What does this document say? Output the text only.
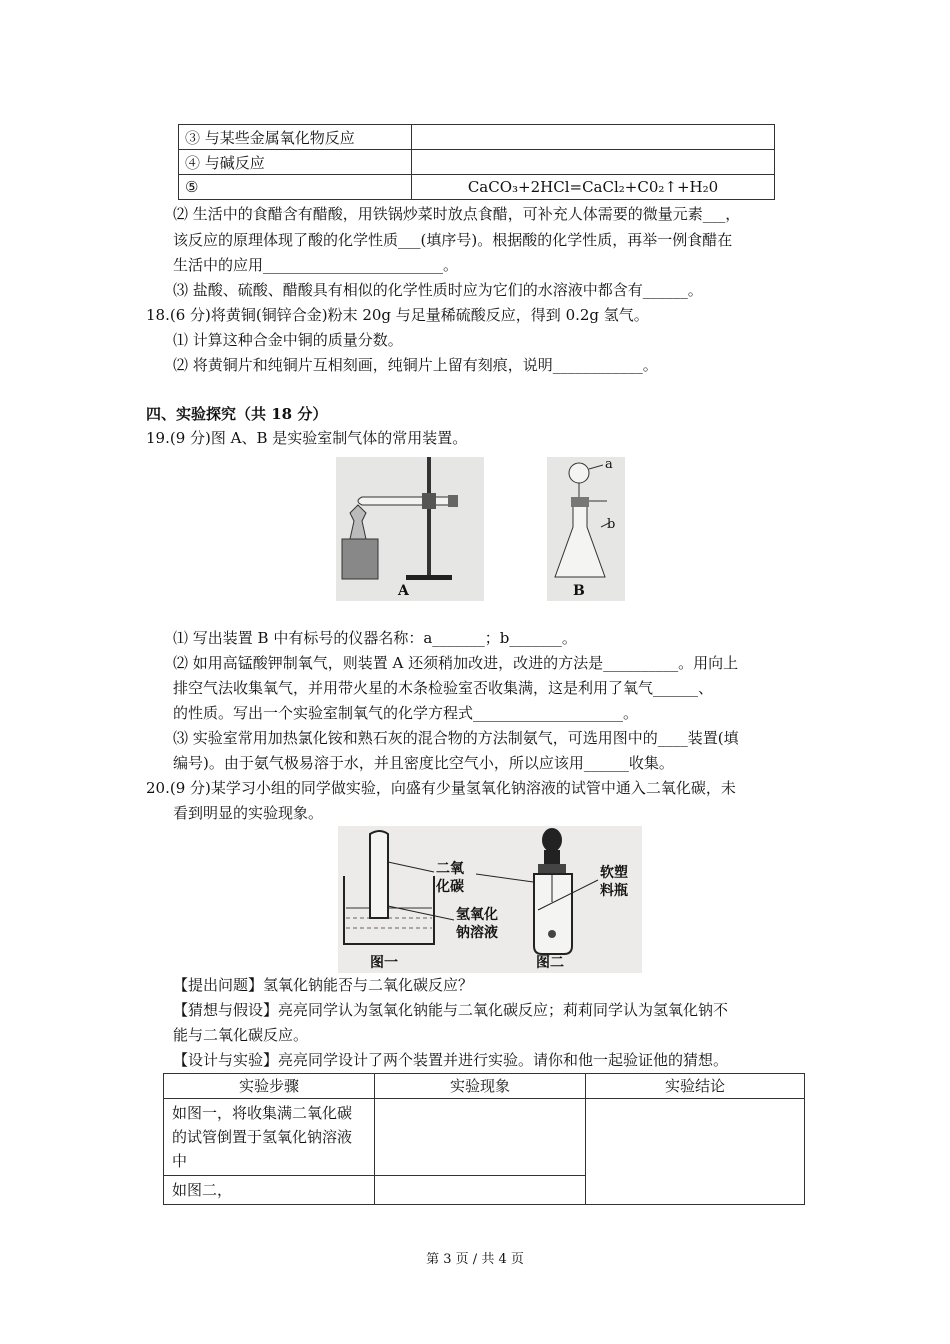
③ 与某些金属氧化物反应	
④ 与碱反应	
⑤	CaCO₃+2HCl=CaCl₂+C0₂↑+H₂0
⑵ 生活中的食醋含有醋酸，用铁锅炒菜时放点食醋，可补充人体需要的微量元素___，
该反应的原理体现了酸的化学性质___(填序号)。根据酸的化学性质，再举一例食醋在
生活中的应用________________________。
⑶ 盐酸、硫酸、醋酸具有相似的化学性质时应为它们的水溶液中都含有______。
18.(6 分)将黄铜(铜锌合金)粉末 20g 与足量稀硫酸反应，得到 0.2g 氢气。
⑴ 计算这种合金中铜的质量分数。
⑵ 将黄铜片和纯铜片互相刻画，纯铜片上留有刻痕，说明____________。
四、实验探究（共 18 分）
19.(9 分)图 A、B 是实验室制气体的常用装置。
A
a
b
B
⑴ 写出装置 B 中有标号的仪器名称：a_______；b_______。
⑵ 如用高锰酸钾制氧气，则装置 A 还须稍加改进，改进的方法是__________。用向上
排空气法收集氧气，并用带火星的木条检验室否收集满，这是利用了氧气______、
的性质。写出一个实验室制氧气的化学方程式____________________。
⑶ 实验室常用加热氯化铵和熟石灰的混合物的方法制氨气，可选用图中的____装置(填
编号)。由于氨气极易溶于水，并且密度比空气小，所以应该用______收集。
20.(9 分)某学习小组的同学做实验，向盛有少量氢氧化钠溶液的试管中通入二氧化碳，未
看到明显的实验现象。
二氧
化碳
氢氧化
钠溶液
软塑
料瓶
图一	图二
【提出问题】氢氧化钠能否与二氧化碳反应？
【猜想与假设】亮亮同学认为氢氧化钠能与二氧化碳反应；莉莉同学认为氢氧化钠不
能与二氧化碳反应。
【设计与实验】亮亮同学设计了两个装置并进行实验。请你和他一起验证他的猜想。
实验步骤	实验现象	实验结论
如图一，将收集满二氧化碳的试管倒置于氢氧化钠溶液中		
如图二，		
第 3 页 / 共 4 页
